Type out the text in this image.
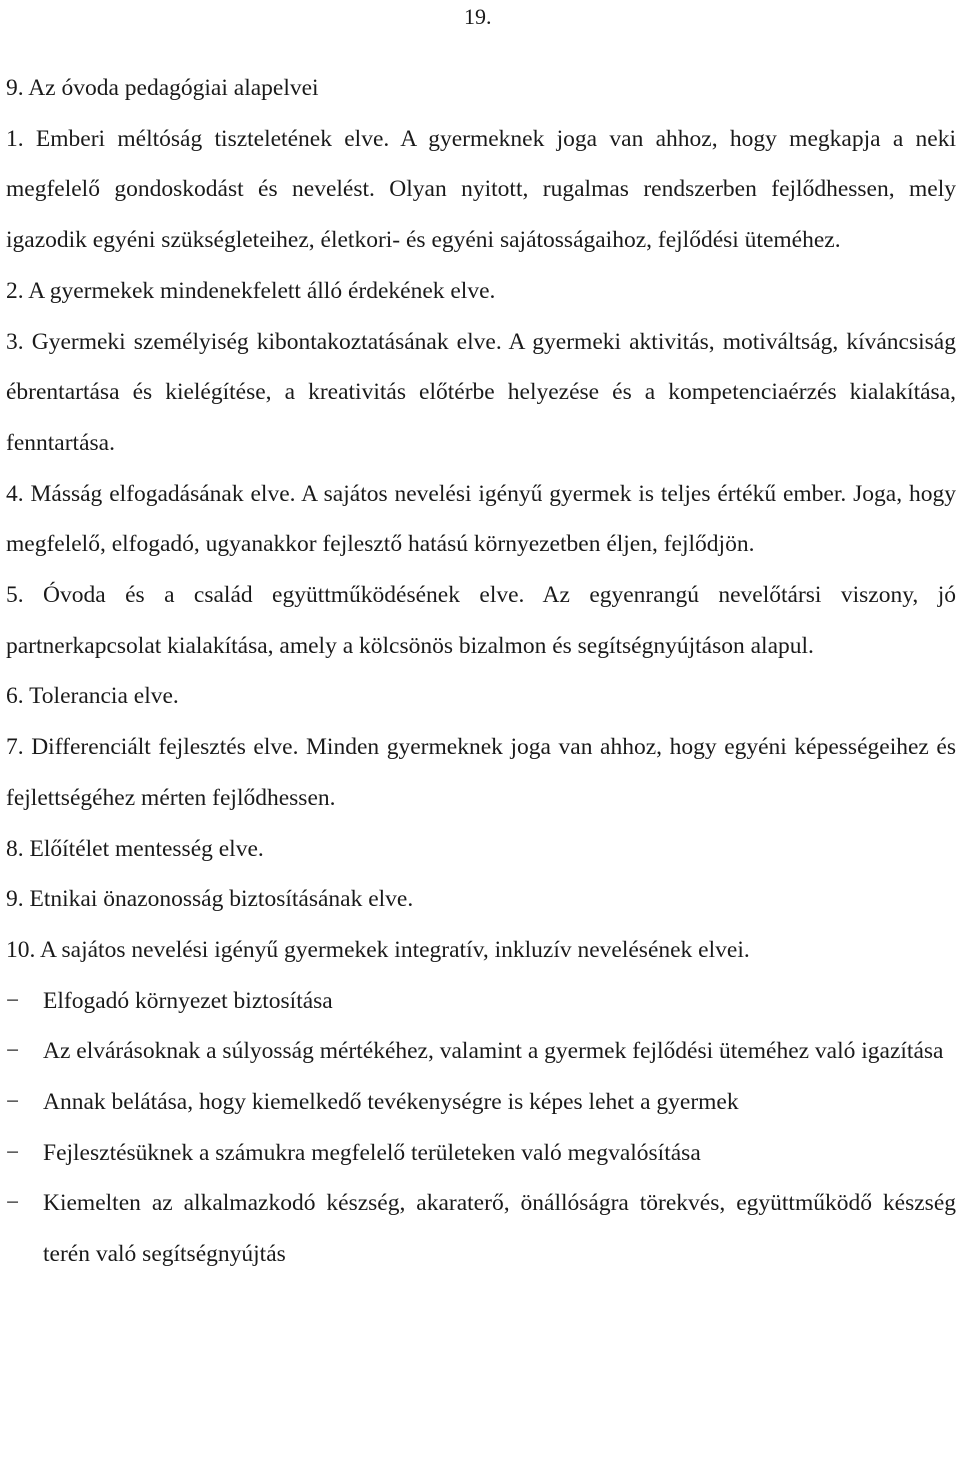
19.

9. Az óvoda pedagógiai alapelvei

1. Emberi méltóság tiszteletének elve. A gyermeknek joga van ahhoz, hogy megkapja a neki megfelelő gondoskodást és nevelést. Olyan nyitott, rugalmas rendszerben fejlődhessen, mely igazodik egyéni szükségleteihez, életkori- és egyéni sajátosságaihoz, fejlődési üteméhez.

2. A gyermekek mindenekfelett álló érdekének elve.

3. Gyermeki személyiség kibontakoztatásának elve. A gyermeki aktivitás, motiváltság, kíváncsiság ébrentartása és kielégítése, a kreativitás előtérbe helyezése és a kompetenciaérzés kialakítása, fenntartása.

4. Másság elfogadásának elve. A sajátos nevelési igényű gyermek is teljes értékű ember. Joga, hogy megfelelő, elfogadó, ugyanakkor fejlesztő hatású környezetben éljen, fejlődjön.

5. Óvoda és a család együttműködésének elve. Az egyenrangú nevelőtársi viszony, jó partnerkapcsolat kialakítása, amely a kölcsönös bizalmon és segítségnyújtáson alapul.

6. Tolerancia elve.

7. Differenciált fejlesztés elve. Minden gyermeknek joga van ahhoz, hogy egyéni képességeihez és fejlettségéhez mérten fejlődhessen.

8. Előítélet mentesség elve.

9. Etnikai önazonosság biztosításának elve.

10. A sajátos nevelési igényű gyermekek integratív, inkluzív nevelésének elvei.

−	Elfogadó környezet biztosítása
−	Az elvárásoknak a súlyosság mértékéhez, valamint a gyermek fejlődési üteméhez való igazítása
−	Annak belátása, hogy kiemelkedő tevékenységre is képes lehet a gyermek
−	Fejlesztésüknek a számukra megfelelő területeken való megvalósítása
−	Kiemelten az alkalmazkodó készség, akaraterő, önállóságra törekvés, együttműködő készség terén való segítségnyújtás
